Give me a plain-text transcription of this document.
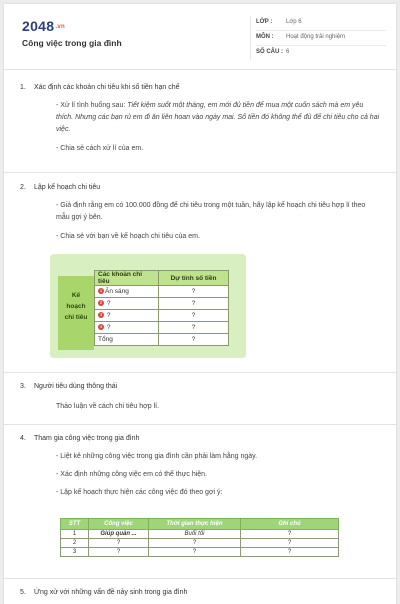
2048.vn
Công việc trong gia đình
LỚP : Lớp 6
MÔN : Hoạt động trải nghiệm
SỐ CÂU : 6
1. Xác định các khoản chi tiêu khi số tiền hạn chế
- Xử lí tình huống sau: Tiết kiệm suốt một tháng, em mới đủ tiền để mua một cuốn sách mà em yêu thích. Nhưng các bạn rủ em đi ăn liên hoan vào ngày mai. Số tiền đó không thể đủ để chi tiêu cho cả hai việc.
- Chia sẻ cách xử lí của em.
2. Lập kế hoạch chi tiêu
- Giả định rằng em có 100.000 đồng để chi tiêu trong một tuần, hãy lập kế hoạch chi tiêu hợp lí theo mẫu gợi ý bên.
- Chia sẻ với bạn về kế hoạch chi tiêu của em.
Kế
hoạch
chi tiêu
Các khoản chi tiêu	Dự tính số tiền
1 Ăn sáng	?
2 ?	?
3 ?	?
4 ?	?
Tổng	?
3. Người tiêu dùng thông thái
Thảo luận về cách chi tiêu hợp lí.
4. Tham gia công việc trong gia đình
- Liệt kê những công việc trong gia đình cần phải làm hằng ngày.
- Xác định những công việc em có thể thực hiện.
- Lập kế hoạch thực hiện các công việc đó theo gợi ý:
STT	Công việc	Thời gian thực hiện	Ghi chú
1	Giúp quản ...	Buổi tối	?
2	?	?	?
3	?	?	?
5. Ứng xử với những vấn đề nảy sinh trong gia đình
